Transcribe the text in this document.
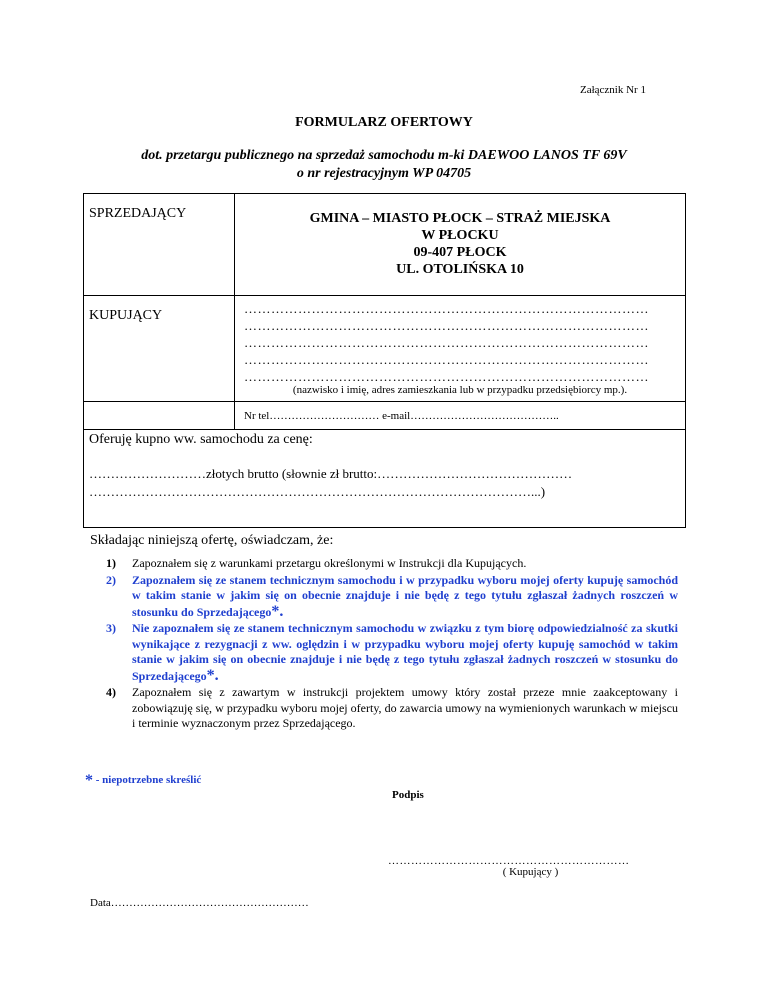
Załącznik Nr 1
FORMULARZ OFERTOWY
dot. przetargu publicznego na sprzedaż samochodu m-ki DAEWOO LANOS TF 69V
o nr rejestracyjnym WP 04705
SPRZEDAJĄCY	GMINA – MIASTO PŁOCK – STRAŻ MIEJSKA
W PŁOCKU
09-407 PŁOCK
UL. OTOLIŃSKA 10
KUPUJĄCY	………………………………………………………………………………
………………………………………………………………………………
………………………………………………………………………………
………………………………………………………………………………
………………………………………………………………………………
(nazwisko i imię, adres zamieszkania lub w przypadku przedsiębiorcy mp.).
Nr tel………………………… e-mail…………………………………..
Oferuję kupno ww. samochodu za cenę:
………………………złotych brutto (słownie zł brutto:………………………………………
…………………………………………………………………………………………...)
Składając niniejszą ofertę, oświadczam, że:
1) Zapoznałem się z warunkami przetargu określonymi w Instrukcji dla Kupujących.
2) Zapoznałem się ze stanem technicznym samochodu i w przypadku wyboru mojej oferty kupuję samochód w takim stanie w jakim się on obecnie znajduje i nie będę z tego tytułu zgłaszał żadnych roszczeń w stosunku do Sprzedającego*.
3) Nie zapoznałem się ze stanem technicznym samochodu w związku z tym biorę odpowiedzialność za skutki wynikające z rezygnacji z ww. oględzin i w przypadku wyboru mojej oferty kupuję samochód w takim stanie w jakim się on obecnie znajduje i nie będę z tego tytułu zgłaszał żadnych roszczeń w stosunku do Sprzedającego*.
4) Zapoznałem się z zawartym w instrukcji projektem umowy który został przeze mnie zaakceptowany i zobowiązuję się, w przypadku wyboru mojej oferty, do zawarcia umowy na wymienionych warunkach w miejscu i terminie wyznaczonym przez Sprzedającego.
* - niepotrzebne skreślić
Podpis
………………………………………………………
( Kupujący )
Data………………………………………………
